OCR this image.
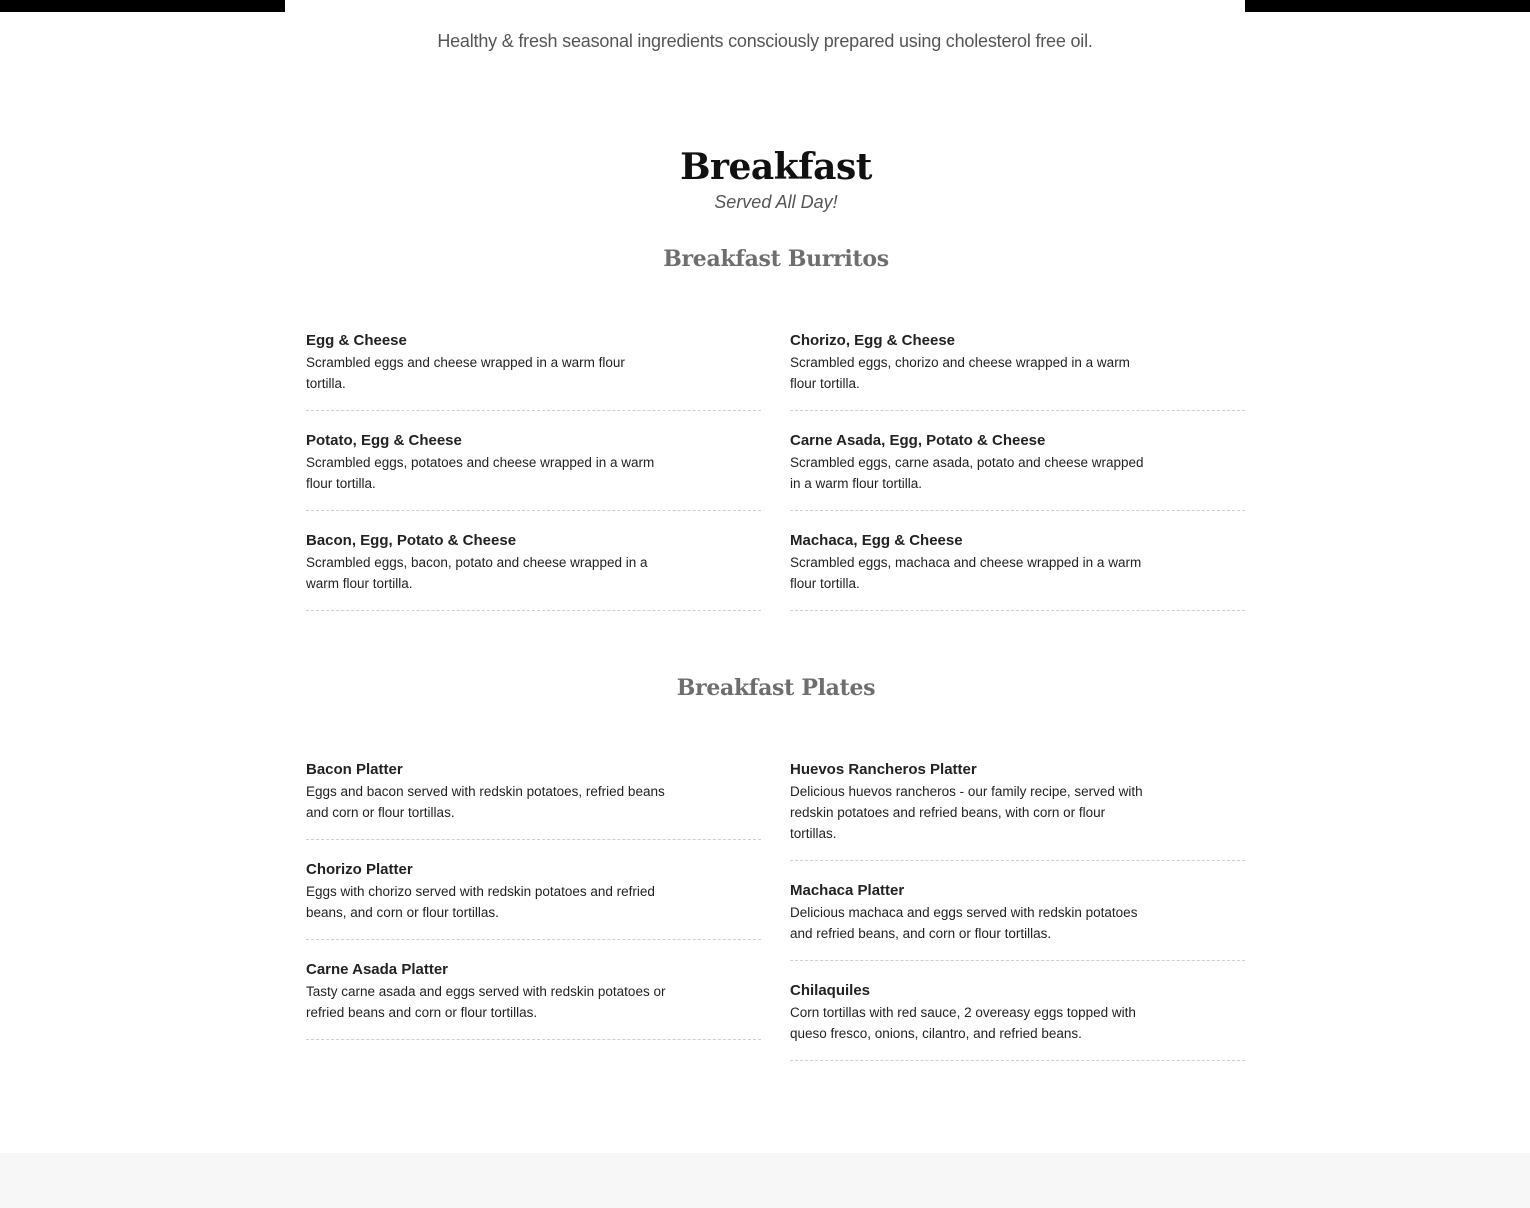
Healthy & fresh seasonal ingredients consciously prepared using cholesterol free oil.
Breakfast
Served All Day!
Breakfast Burritos

Egg & Cheese

Scrambled eggs and cheese wrapped in a warm flour tortilla.

Potato, Egg & Cheese

Scrambled eggs, potatoes and cheese wrapped in a warm flour tortilla.

Bacon, Egg, Potato & Cheese

Scrambled eggs, bacon, potato and cheese wrapped in a warm flour tortilla.

Chorizo, Egg & Cheese

Scrambled eggs, chorizo and cheese wrapped in a warm flour tortilla.

Carne Asada, Egg, Potato & Cheese

Scrambled eggs, carne asada, potato and cheese wrapped in a warm flour tortilla.

Machaca, Egg & Cheese

Scrambled eggs, machaca and cheese wrapped in a warm flour tortilla.

Breakfast Plates

Bacon Platter

Eggs and bacon served with redskin potatoes, refried beans and corn or flour tortillas.

Chorizo Platter

Eggs with chorizo served with redskin potatoes and refried beans, and corn or flour tortillas.

Carne Asada Platter

Tasty carne asada and eggs served with redskin potatoes or refried beans and corn or flour tortillas.

Huevos Rancheros Platter

Delicious huevos rancheros - our family recipe, served with redskin potatoes and refried beans, with corn or flour tortillas.

Machaca Platter

Delicious machaca and eggs served with redskin potatoes and refried beans, and corn or flour tortillas.

Chilaquiles

Corn tortillas with red sauce, 2 overeasy eggs topped with queso fresco, onions, cilantro, and refried beans.
